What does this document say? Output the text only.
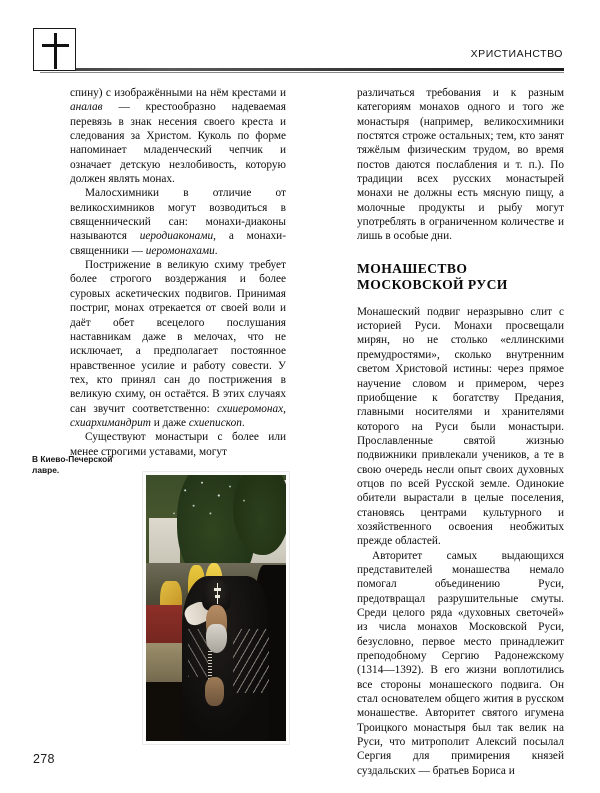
ХРИСТИАНСТВО

спину) с изображёнными на нём крестами и аналав — крестообразно надеваемая перевязь в знак несения своего креста и следования за Христом. Куколь по форме напоминает младенческий чепчик и означает детскую незлобивость, которую должен являть монах.

Малосхимники в отличие от великосхимников могут возводиться в священнический сан: монахи-диаконы называются иеродиаконами, а монахи-священники — иеромонахами.

Пострижение в великую схиму требует более строгого воздержания и более суровых аскетических подвигов. Принимая постриг, монах отрекается от своей воли и даёт обет всецелого послушания наставникам даже в мелочах, что не исключает, а предполагает постоянное нравственное усилие и работу совести. У тех, кто принял сан до пострижения в великую схиму, он остаётся. В этих случаях сан звучит соответственно: схииеромонах, схиархимандрит и даже схиепископ.

Существуют монастыри с более или менее строгими уставами, могут

различаться требования и к разным категориям монахов одного и того же монастыря (например, великосхимники постятся строже остальных; тем, кто занят тяжёлым физическим трудом, во время постов даются послабления и т. п.). По традиции всех русских монастырей монахи не должны есть мясную пищу, а молочные продукты и рыбу могут употреблять в ограниченном количестве и лишь в особые дни.

МОНАШЕСТВО
МОСКОВСКОЙ РУСИ

Монашеский подвиг неразрывно слит с историей Руси. Монахи просвещали мирян, но не столько «еллинскими премудростями», сколько внутренним светом Христовой истины: через прямое научение словом и примером, через приобщение к богатству Предания, главными носителями и хранителями которого на Руси были монастыри. Прославленные святой жизнью подвижники привлекали учеников, а те в свою очередь несли опыт своих духовных отцов по всей Русской земле. Одинокие обители вырастали в целые поселения, становясь центрами культурного и хозяйственного освоения необжитых прежде областей.

Авторитет самых выдающихся представителей монашества немало помогал объединению Руси, предотвращал разрушительные смуты. Среди целого ряда «духовных светочей» из числа монахов Московской Руси, безусловно, первое место принадлежит преподобному Сергию Радонежскому (1314—1392). В его жизни воплотились все стороны монашеского подвига. Он стал основателем общего жития в русском монашестве. Авторитет святого игумена Троицкого монастыря был так велик на Руси, что митрополит Алексий посылал Сергия для примирения князей суздальских — братьев Бориса и

В Киево-Печерской
лавре.
278
